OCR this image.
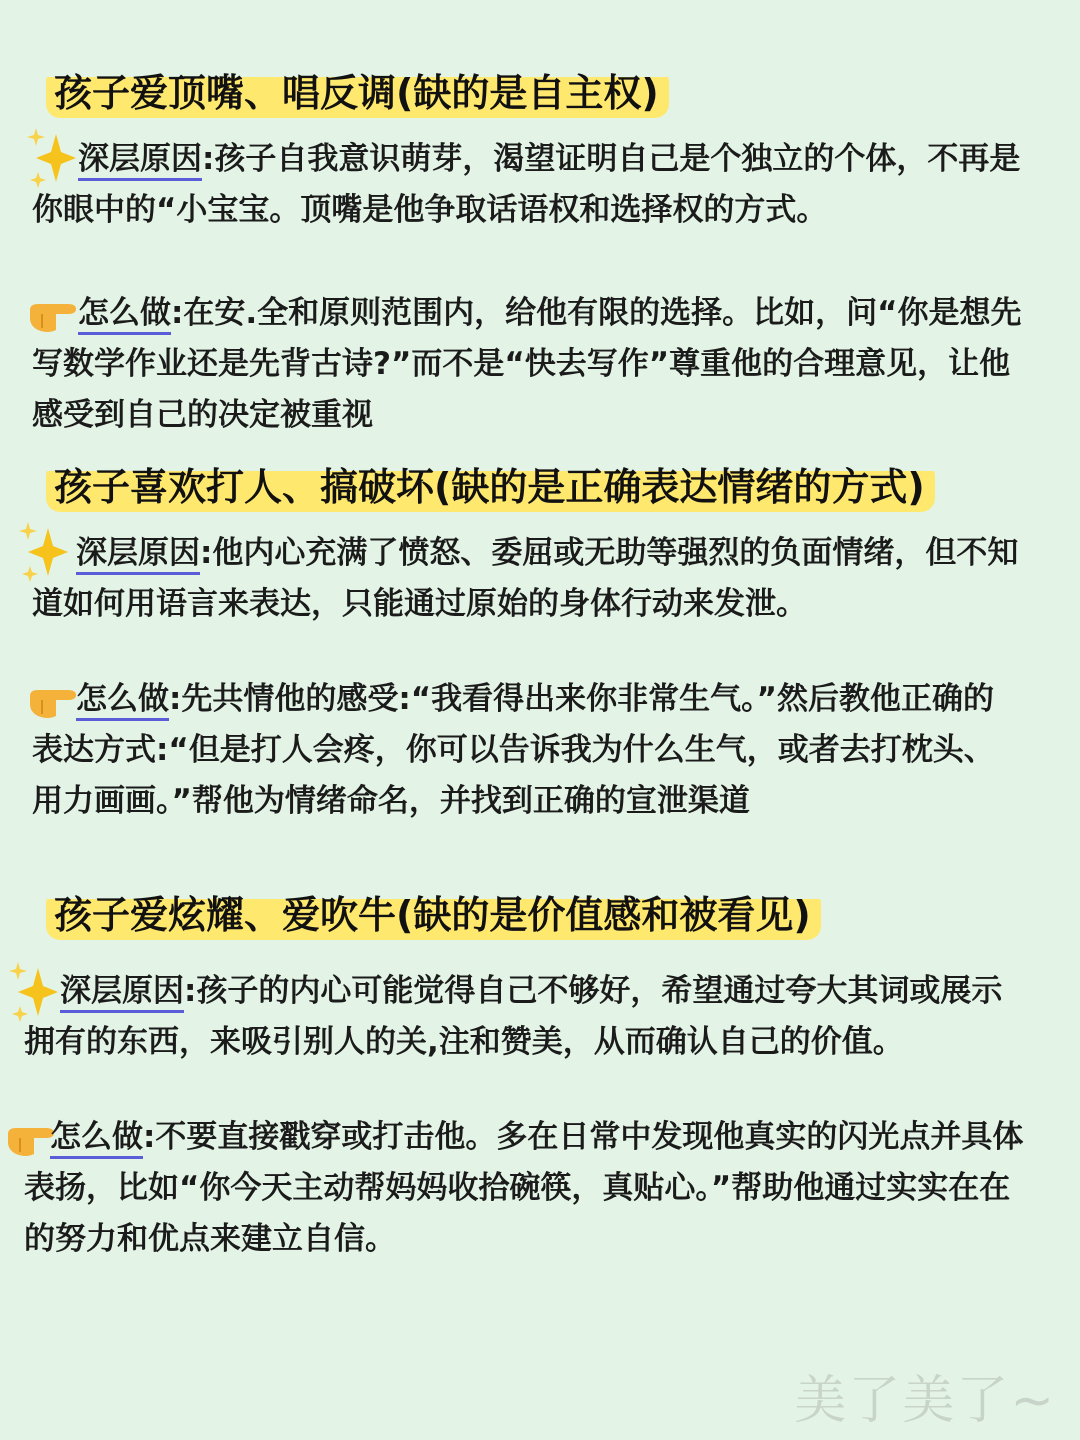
孩子爱顶嘴、唱反调(缺的是自主权)

深层原因:孩子自我意识萌芽，渴望证明自己是个独立的个体，不再是你眼中的“小宝宝。顶嘴是他争取话语权和选择权的方式。

怎么做:在安.全和原则范围内，给他有限的选择。比如，问“你是想先写数学作业还是先背古诗?”而不是“快去写作”尊重他的合理意见，让他感受到自己的决定被重视

孩子喜欢打人、搞破坏(缺的是正确表达情绪的方式)

深层原因:他内心充满了愤怒、委屈或无助等强烈的负面情绪，但不知道如何用语言来表达，只能通过原始的身体行动来发泄。

怎么做:先共情他的感受:“我看得出来你非常生气。”然后教他正确的表达方式:“但是打人会疼，你可以告诉我为什么生气，或者去打枕头、用力画画。”帮他为情绪命名，并找到正确的宣泄渠道

孩子爱炫耀、爱吹牛(缺的是价值感和被看见)

深层原因:孩子的内心可能觉得自己不够好，希望通过夸大其词或展示拥有的东西，来吸引别人的关,注和赞美，从而确认自己的价值。

怎么做:不要直接戳穿或打击他。多在日常中发现他真实的闪光点并具体表扬，比如“你今天主动帮妈妈收拾碗筷，真贴心。”帮助他通过实实在在的努力和优点来建立自信。

美了美了~
